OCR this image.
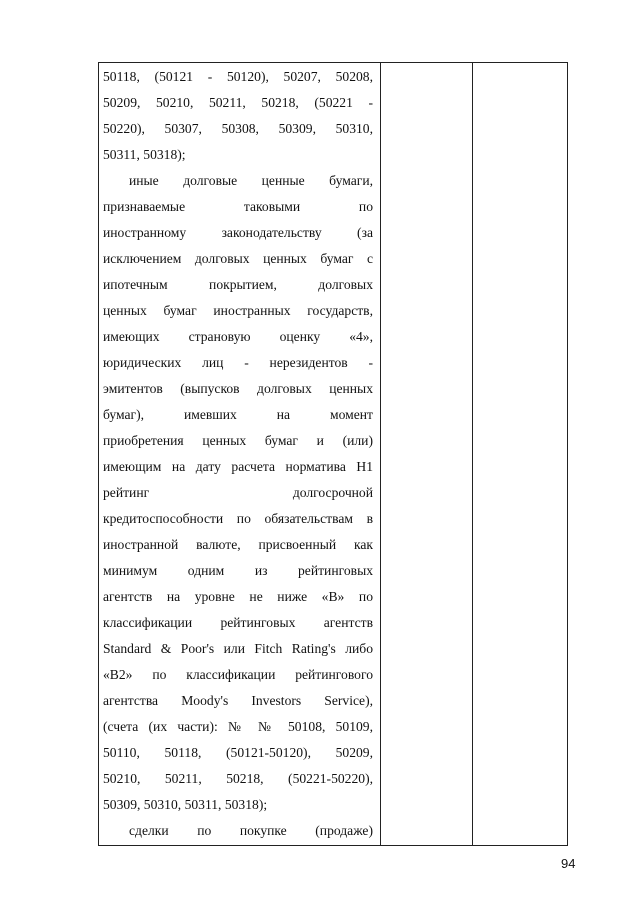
50118, (50121 - 50120), 50207, 50208,
50209, 50210, 50211, 50218, (50221 -
50220), 50307, 50308, 50309, 50310,
50311, 50318);
иные долговые ценные бумаги,
признаваемые таковыми по
иностранному законодательству (за
исключением долговых ценных бумаг с
ипотечным покрытием, долговых
ценных бумаг иностранных государств,
имеющих страновую оценку «4»,
юридических лиц - нерезидентов -
эмитентов (выпусков долговых ценных
бумаг), имевших на момент
приобретения ценных бумаг и (или)
имеющим на дату расчета норматива Н1
рейтинг долгосрочной
кредитоспособности по обязательствам в
иностранной валюте, присвоенный как
минимум одним из рейтинговых
агентств на уровне не ниже «B» по
классификации рейтинговых агентств
Standard & Poor's или Fitch Rating's либо
«B2» по классификации рейтингового
агентства Moody's Investors Service),
(счета (их части): № № 50108, 50109,
50110, 50118, (50121-50120), 50209,
50210, 50211, 50218, (50221-50220),
50309, 50310, 50311, 50318);
сделки по покупке (продаже)
94
